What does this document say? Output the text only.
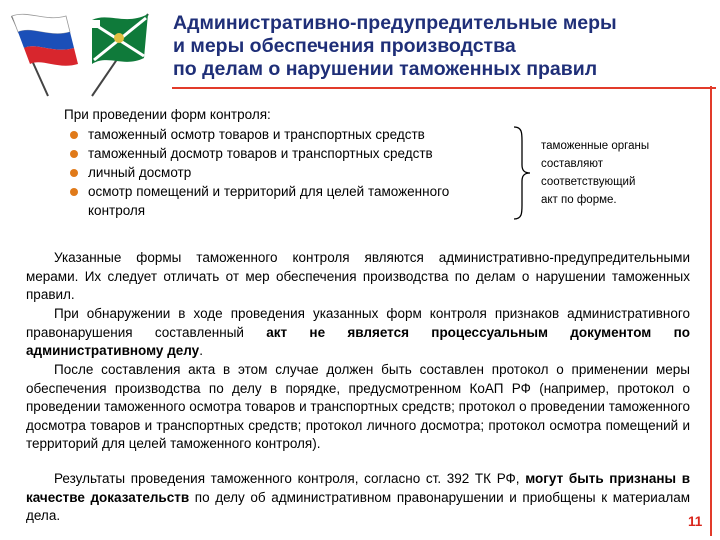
Административно-предупредительные меры
и меры обеспечения производства
по делам о нарушении таможенных правил
При проведении форм контроля:
таможенный осмотр товаров и транспортных средств
таможенный досмотр товаров и транспортных средств
личный досмотр
осмотр помещений и территорий для целей таможенного контроля
таможенные органы
составляют
соответствующий
акт по форме.

Указанные формы таможенного контроля являются административно-предупредительными мерами. Их следует отличать от мер обеспечения производства по делам о нарушении таможенных правил.

При обнаружении в ходе проведения указанных форм контроля признаков административного правонарушения составленный акт не является процессуальным документом по административному делу.

После составления акта в этом случае должен быть составлен протокол о применении меры обеспечения производства по делу в порядке, предусмотренном КоАП РФ (например, протокол о проведении таможенного осмотра товаров и транспортных средств; протокол о проведении таможенного досмотра товаров и транспортных средств; протокол личного досмотра; протокол осмотра помещений и территорий для целей таможенного контроля).

Результаты проведения таможенного контроля, согласно ст. 392 ТК РФ, могут быть признаны в качестве доказательств по делу об административном правонарушении и приобщены к материалам дела.	11
